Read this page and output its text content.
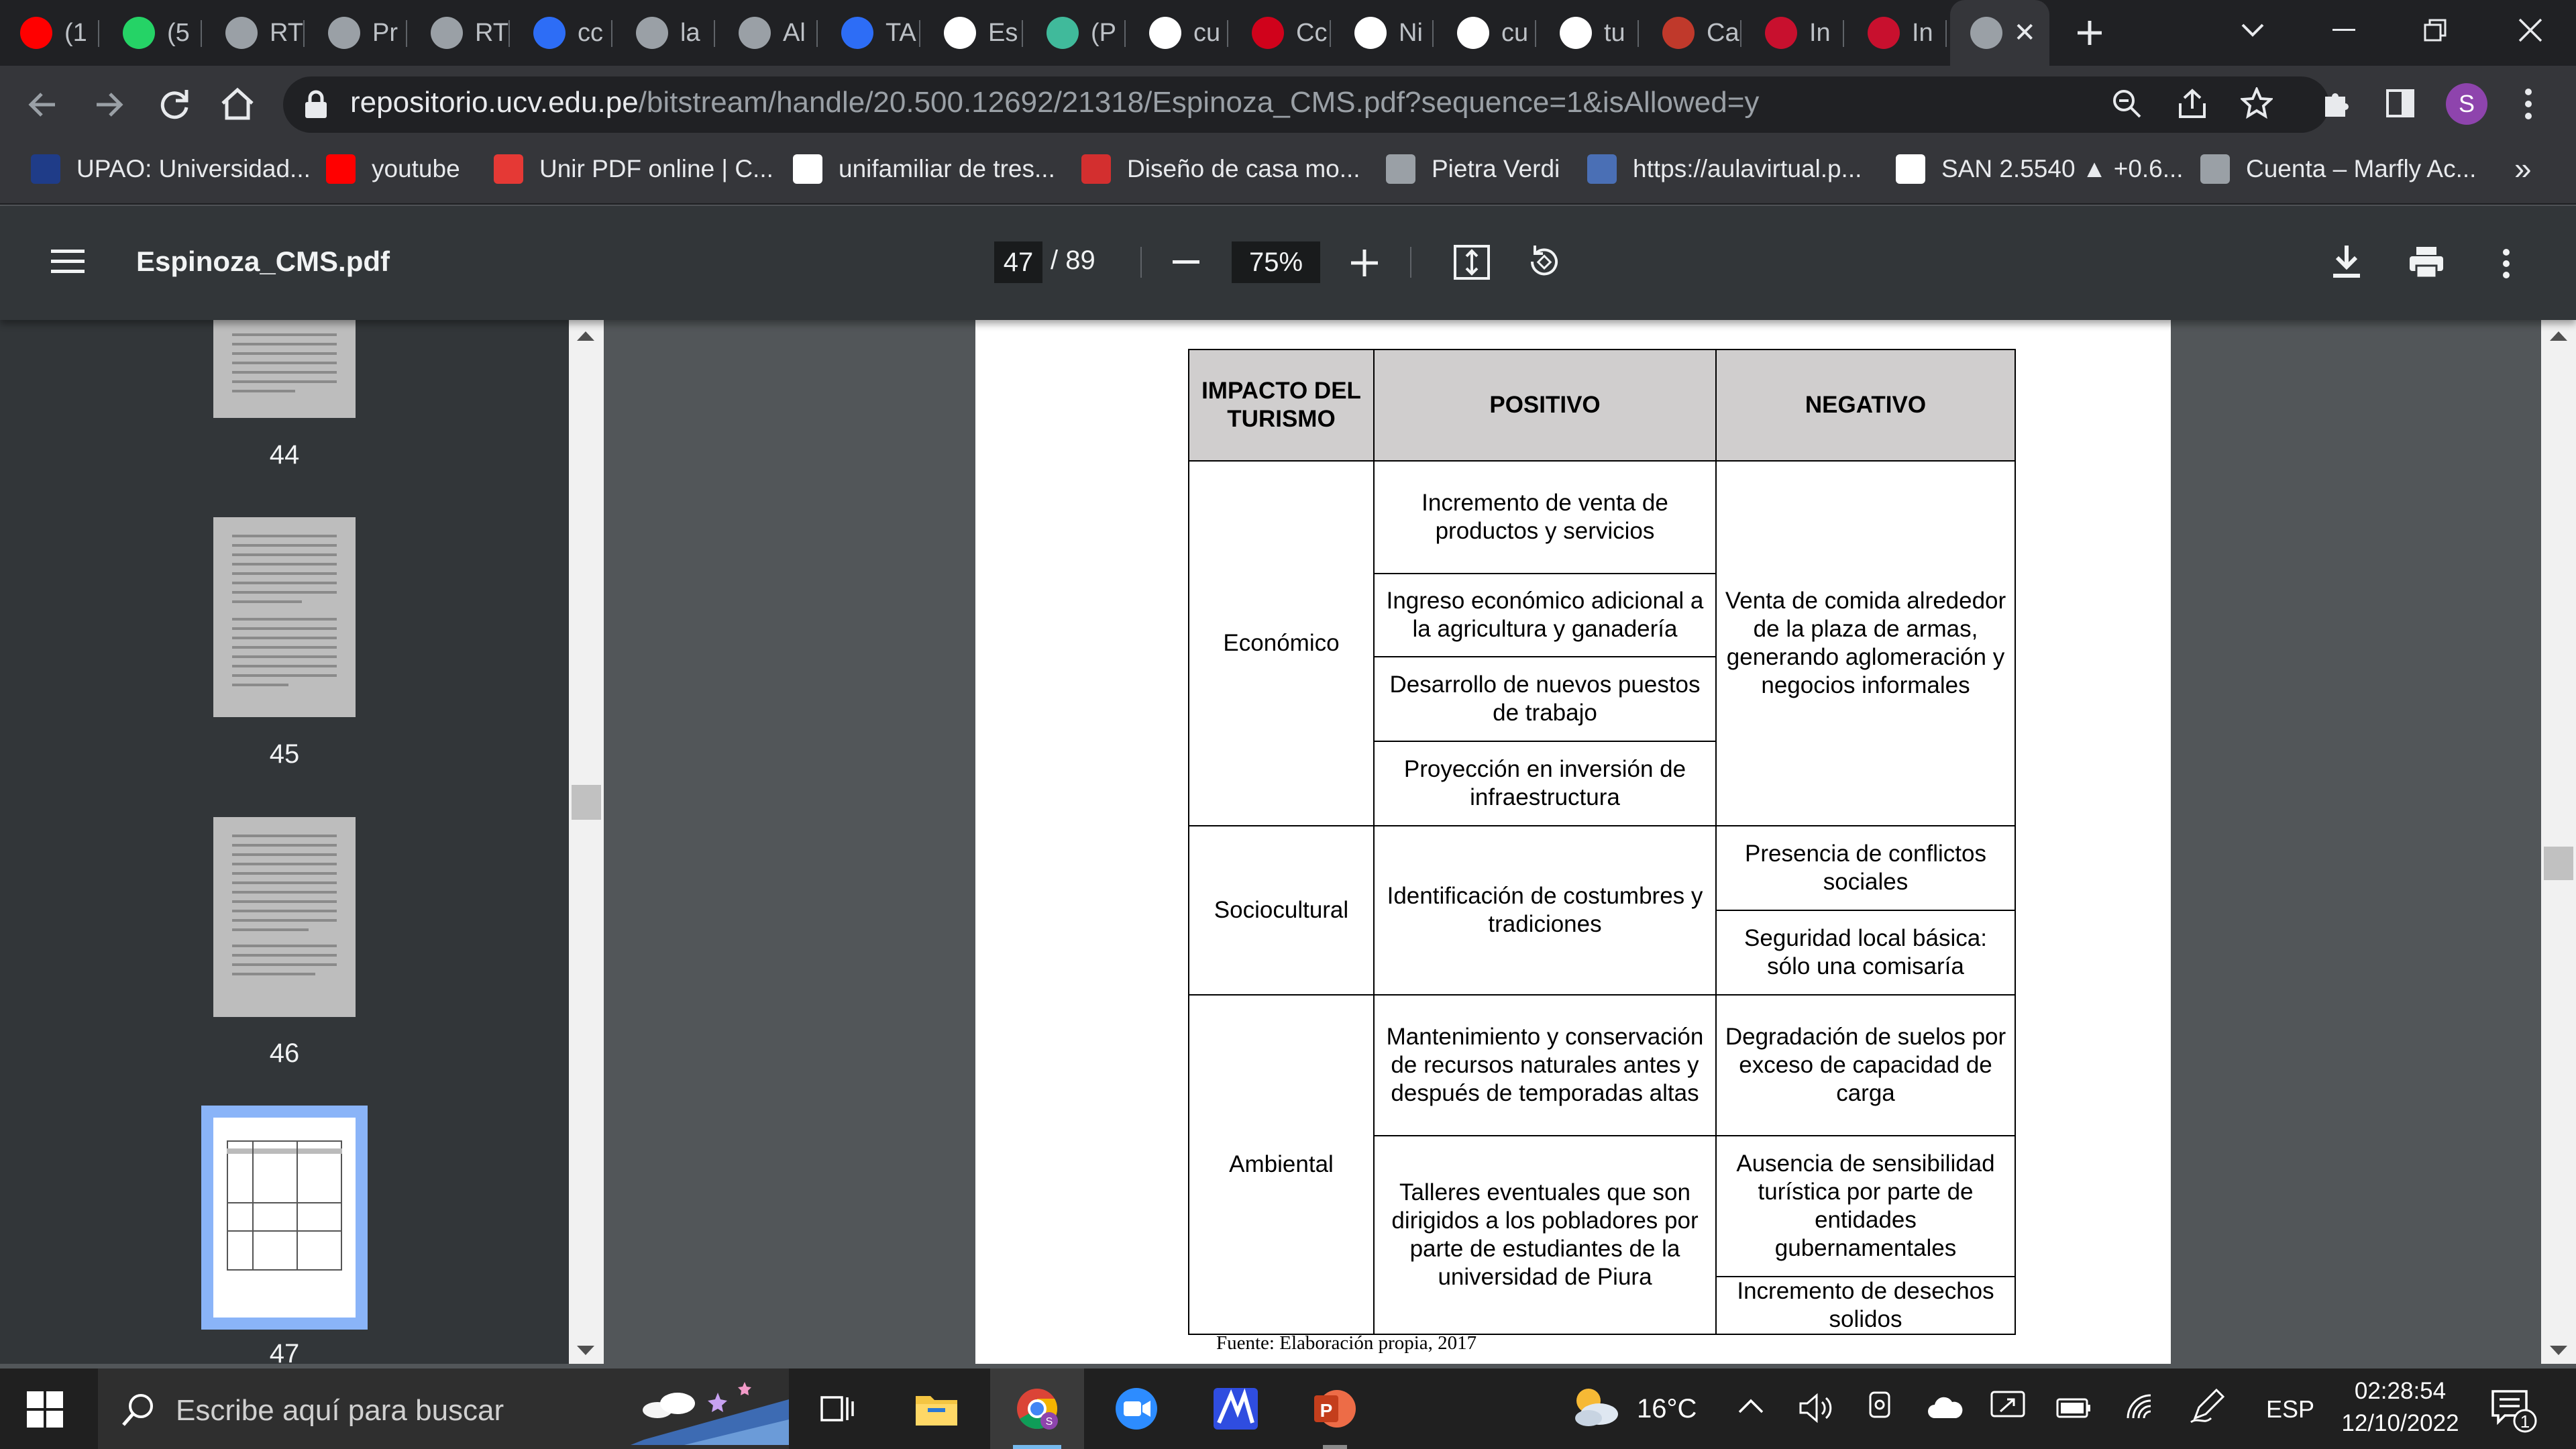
(1	(5	RT	Pr	RT	cc	la	Al	TA	Es	(P	cu	Cc	Ni	cu	tu	Ca	In	In	✕
repositorio.ucv.edu.pe/bitstream/handle/20.500.12692/21318/Espinoza_CMS.pdf?sequence=1&isAllowed=y	S
UPAO: Universidad... youtube	Unir PDF online | C...	unifamiliar de tres...	Diseño de casa mo...	Pietra Verdi	https://aulavirtual.p...	SAN 2.5540 ▲ +0.6...	Cuenta – Marfly Ac... »
Espinoza_CMS.pdf	47 / 89	75%
44
45
46
47
IMPACTO DEL TURISMO	POSITIVO	NEGATIVO
Económico	Incremento de venta de productos y servicios	Venta de comida alrededor de la plaza de armas, generando aglomeración y negocios informales
	Ingreso económico adicional a la agricultura y ganadería	
	Desarrollo de nuevos puestos de trabajo	
	Proyección en inversión de infraestructura	
Sociocultural	Identificación de costumbres y tradiciones	Presencia de conflictos sociales
		Seguridad local básica: sólo una comisaría
Ambiental	Mantenimiento y conservación de recursos naturales antes y después de temporadas altas	Degradación de suelos por exceso de capacidad de carga
	Talleres eventuales que son dirigidos a los pobladores por parte de estudiantes de la universidad de Piura	Ausencia de sensibilidad turística por parte de entidades gubernamentales
		Incremento de desechos solidos
Fuente: Elaboración propia, 2017
Escribe aquí para buscar	S
P	16°C	ESP
02:28:54
12/10/2022	1
